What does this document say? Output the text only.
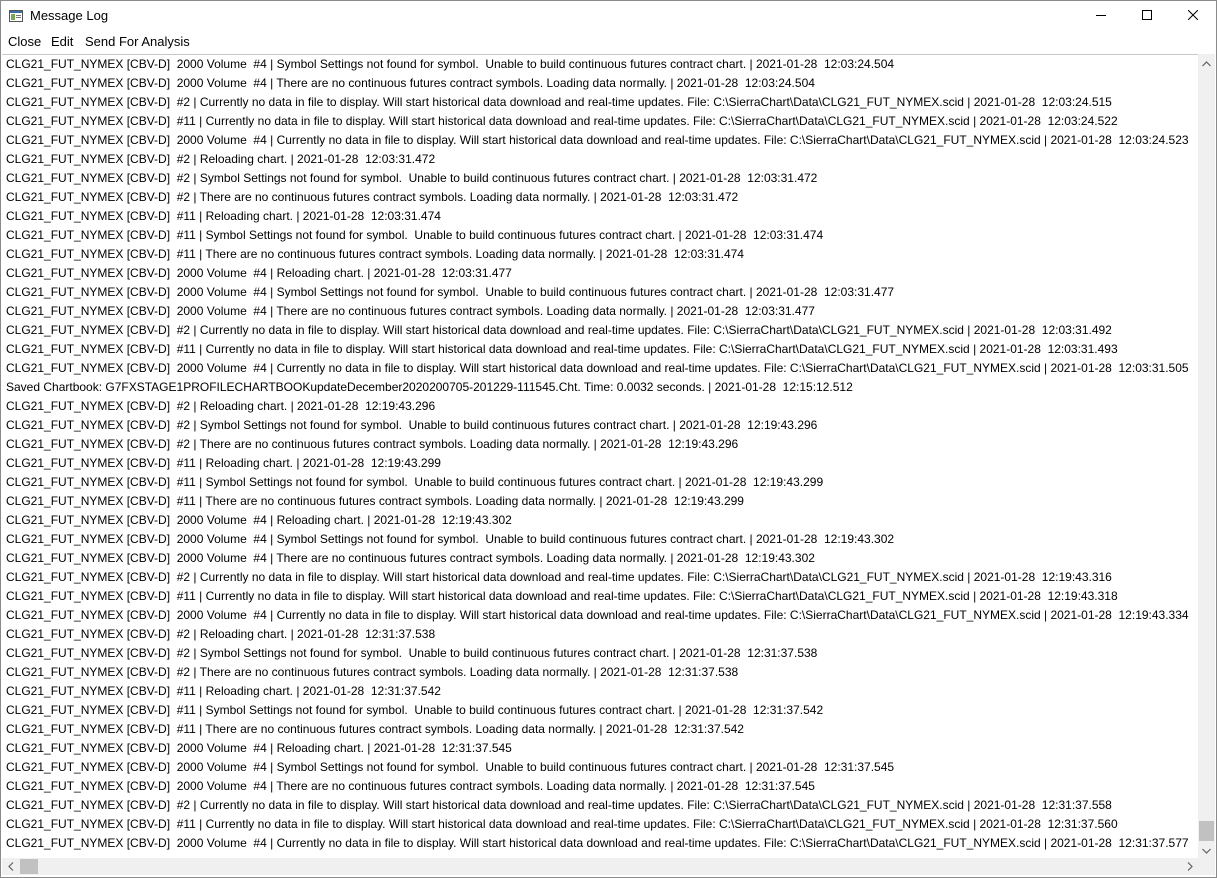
Message Log
Close Edit Send For Analysis
CLG21_FUT_NYMEX [CBV-D]  2000 Volume  #4 | Symbol Settings not found for symbol.  Unable to build continuous futures contract chart. | 2021-01-28  12:03:24.504
CLG21_FUT_NYMEX [CBV-D]  2000 Volume  #4 | There are no continuous futures contract symbols. Loading data normally. | 2021-01-28  12:03:24.504
CLG21_FUT_NYMEX [CBV-D]  #2 | Currently no data in file to display. Will start historical data download and real-time updates. File: C:\SierraChart\Data\CLG21_FUT_NYMEX.scid | 2021-01-28  12:03:24.515
CLG21_FUT_NYMEX [CBV-D]  #11 | Currently no data in file to display. Will start historical data download and real-time updates. File: C:\SierraChart\Data\CLG21_FUT_NYMEX.scid | 2021-01-28  12:03:24.522
CLG21_FUT_NYMEX [CBV-D]  2000 Volume  #4 | Currently no data in file to display. Will start historical data download and real-time updates. File: C:\SierraChart\Data\CLG21_FUT_NYMEX.scid | 2021-01-28  12:03:24.523
CLG21_FUT_NYMEX [CBV-D]  #2 | Reloading chart. | 2021-01-28  12:03:31.472
CLG21_FUT_NYMEX [CBV-D]  #2 | Symbol Settings not found for symbol.  Unable to build continuous futures contract chart. | 2021-01-28  12:03:31.472
CLG21_FUT_NYMEX [CBV-D]  #2 | There are no continuous futures contract symbols. Loading data normally. | 2021-01-28  12:03:31.472
CLG21_FUT_NYMEX [CBV-D]  #11 | Reloading chart. | 2021-01-28  12:03:31.474
CLG21_FUT_NYMEX [CBV-D]  #11 | Symbol Settings not found for symbol.  Unable to build continuous futures contract chart. | 2021-01-28  12:03:31.474
CLG21_FUT_NYMEX [CBV-D]  #11 | There are no continuous futures contract symbols. Loading data normally. | 2021-01-28  12:03:31.474
CLG21_FUT_NYMEX [CBV-D]  2000 Volume  #4 | Reloading chart. | 2021-01-28  12:03:31.477
CLG21_FUT_NYMEX [CBV-D]  2000 Volume  #4 | Symbol Settings not found for symbol.  Unable to build continuous futures contract chart. | 2021-01-28  12:03:31.477
CLG21_FUT_NYMEX [CBV-D]  2000 Volume  #4 | There are no continuous futures contract symbols. Loading data normally. | 2021-01-28  12:03:31.477
CLG21_FUT_NYMEX [CBV-D]  #2 | Currently no data in file to display. Will start historical data download and real-time updates. File: C:\SierraChart\Data\CLG21_FUT_NYMEX.scid | 2021-01-28  12:03:31.492
CLG21_FUT_NYMEX [CBV-D]  #11 | Currently no data in file to display. Will start historical data download and real-time updates. File: C:\SierraChart\Data\CLG21_FUT_NYMEX.scid | 2021-01-28  12:03:31.493
CLG21_FUT_NYMEX [CBV-D]  2000 Volume  #4 | Currently no data in file to display. Will start historical data download and real-time updates. File: C:\SierraChart\Data\CLG21_FUT_NYMEX.scid | 2021-01-28  12:03:31.505
Saved Chartbook: G7FXSTAGE1PROFILECHARTBOOKupdateDecember2020200705-201229-111545.Cht. Time: 0.0032 seconds. | 2021-01-28  12:15:12.512
CLG21_FUT_NYMEX [CBV-D]  #2 | Reloading chart. | 2021-01-28  12:19:43.296
CLG21_FUT_NYMEX [CBV-D]  #2 | Symbol Settings not found for symbol.  Unable to build continuous futures contract chart. | 2021-01-28  12:19:43.296
CLG21_FUT_NYMEX [CBV-D]  #2 | There are no continuous futures contract symbols. Loading data normally. | 2021-01-28  12:19:43.296
CLG21_FUT_NYMEX [CBV-D]  #11 | Reloading chart. | 2021-01-28  12:19:43.299
CLG21_FUT_NYMEX [CBV-D]  #11 | Symbol Settings not found for symbol.  Unable to build continuous futures contract chart. | 2021-01-28  12:19:43.299
CLG21_FUT_NYMEX [CBV-D]  #11 | There are no continuous futures contract symbols. Loading data normally. | 2021-01-28  12:19:43.299
CLG21_FUT_NYMEX [CBV-D]  2000 Volume  #4 | Reloading chart. | 2021-01-28  12:19:43.302
CLG21_FUT_NYMEX [CBV-D]  2000 Volume  #4 | Symbol Settings not found for symbol.  Unable to build continuous futures contract chart. | 2021-01-28  12:19:43.302
CLG21_FUT_NYMEX [CBV-D]  2000 Volume  #4 | There are no continuous futures contract symbols. Loading data normally. | 2021-01-28  12:19:43.302
CLG21_FUT_NYMEX [CBV-D]  #2 | Currently no data in file to display. Will start historical data download and real-time updates. File: C:\SierraChart\Data\CLG21_FUT_NYMEX.scid | 2021-01-28  12:19:43.316
CLG21_FUT_NYMEX [CBV-D]  #11 | Currently no data in file to display. Will start historical data download and real-time updates. File: C:\SierraChart\Data\CLG21_FUT_NYMEX.scid | 2021-01-28  12:19:43.318
CLG21_FUT_NYMEX [CBV-D]  2000 Volume  #4 | Currently no data in file to display. Will start historical data download and real-time updates. File: C:\SierraChart\Data\CLG21_FUT_NYMEX.scid | 2021-01-28  12:19:43.334
CLG21_FUT_NYMEX [CBV-D]  #2 | Reloading chart. | 2021-01-28  12:31:37.538
CLG21_FUT_NYMEX [CBV-D]  #2 | Symbol Settings not found for symbol.  Unable to build continuous futures contract chart. | 2021-01-28  12:31:37.538
CLG21_FUT_NYMEX [CBV-D]  #2 | There are no continuous futures contract symbols. Loading data normally. | 2021-01-28  12:31:37.538
CLG21_FUT_NYMEX [CBV-D]  #11 | Reloading chart. | 2021-01-28  12:31:37.542
CLG21_FUT_NYMEX [CBV-D]  #11 | Symbol Settings not found for symbol.  Unable to build continuous futures contract chart. | 2021-01-28  12:31:37.542
CLG21_FUT_NYMEX [CBV-D]  #11 | There are no continuous futures contract symbols. Loading data normally. | 2021-01-28  12:31:37.542
CLG21_FUT_NYMEX [CBV-D]  2000 Volume  #4 | Reloading chart. | 2021-01-28  12:31:37.545
CLG21_FUT_NYMEX [CBV-D]  2000 Volume  #4 | Symbol Settings not found for symbol.  Unable to build continuous futures contract chart. | 2021-01-28  12:31:37.545
CLG21_FUT_NYMEX [CBV-D]  2000 Volume  #4 | There are no continuous futures contract symbols. Loading data normally. | 2021-01-28  12:31:37.545
CLG21_FUT_NYMEX [CBV-D]  #2 | Currently no data in file to display. Will start historical data download and real-time updates. File: C:\SierraChart\Data\CLG21_FUT_NYMEX.scid | 2021-01-28  12:31:37.558
CLG21_FUT_NYMEX [CBV-D]  #11 | Currently no data in file to display. Will start historical data download and real-time updates. File: C:\SierraChart\Data\CLG21_FUT_NYMEX.scid | 2021-01-28  12:31:37.560
CLG21_FUT_NYMEX [CBV-D]  2000 Volume  #4 | Currently no data in file to display. Will start historical data download and real-time updates. File: C:\SierraChart\Data\CLG21_FUT_NYMEX.scid | 2021-01-28  12:31:37.577
